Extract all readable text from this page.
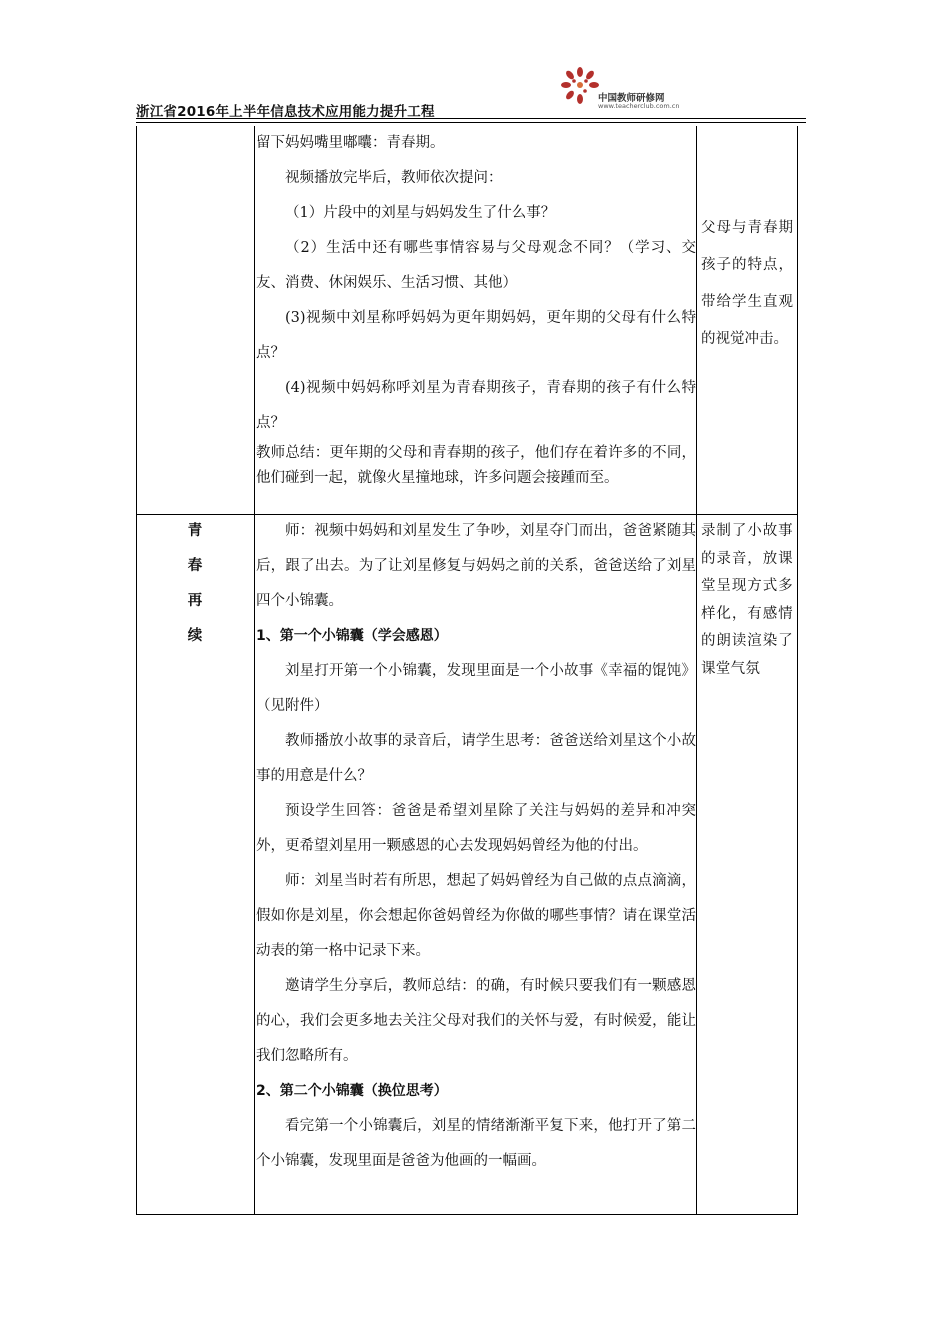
中国教师研修网
www.teacherclub.com.cn
浙江省2016年上半年信息技术应用能力提升工程

留下妈妈嘴里嘟囔：青春期。

视频播放完毕后，教师依次提问：

（1）片段中的刘星与妈妈发生了什么事？

（2）生活中还有哪些事情容易与父母观念不同？（学习、交友、消费、休闲娱乐、生活习惯、其他）

(3)视频中刘星称呼妈妈为更年期妈妈，更年期的父母有什么特点？

(4)视频中妈妈称呼刘星为青春期孩子，青春期的孩子有什么特点？

教师总结：更年期的父母和青春期的孩子，他们存在着许多的不同，他们碰到一起，就像火星撞地球，许多问题会接踵而至。

父母与青春期孩子的特点，带给学生直观的视觉冲击。

青
春
再
续

师：视频中妈妈和刘星发生了争吵，刘星夺门而出，爸爸紧随其后，跟了出去。为了让刘星修复与妈妈之前的关系，爸爸送给了刘星四个小锦囊。

1、第一个小锦囊（学会感恩）

刘星打开第一个小锦囊，发现里面是一个小故事《幸福的馄饨》（见附件）

教师播放小故事的录音后，请学生思考：爸爸送给刘星这个小故事的用意是什么？

预设学生回答：爸爸是希望刘星除了关注与妈妈的差异和冲突外，更希望刘星用一颗感恩的心去发现妈妈曾经为他的付出。

师：刘星当时若有所思，想起了妈妈曾经为自己做的点点滴滴，假如你是刘星，你会想起你爸妈曾经为你做的哪些事情？请在课堂活动表的第一格中记录下来。

邀请学生分享后，教师总结：的确，有时候只要我们有一颗感恩的心，我们会更多地去关注父母对我们的关怀与爱，有时候爱，能让我们忽略所有。

2、第二个小锦囊（换位思考）

看完第一个小锦囊后，刘星的情绪渐渐平复下来，他打开了第二个小锦囊，发现里面是爸爸为他画的一幅画。

录制了小故事的录音，放课堂呈现方式多样化，有感情的朗读渲染了课堂气氛
